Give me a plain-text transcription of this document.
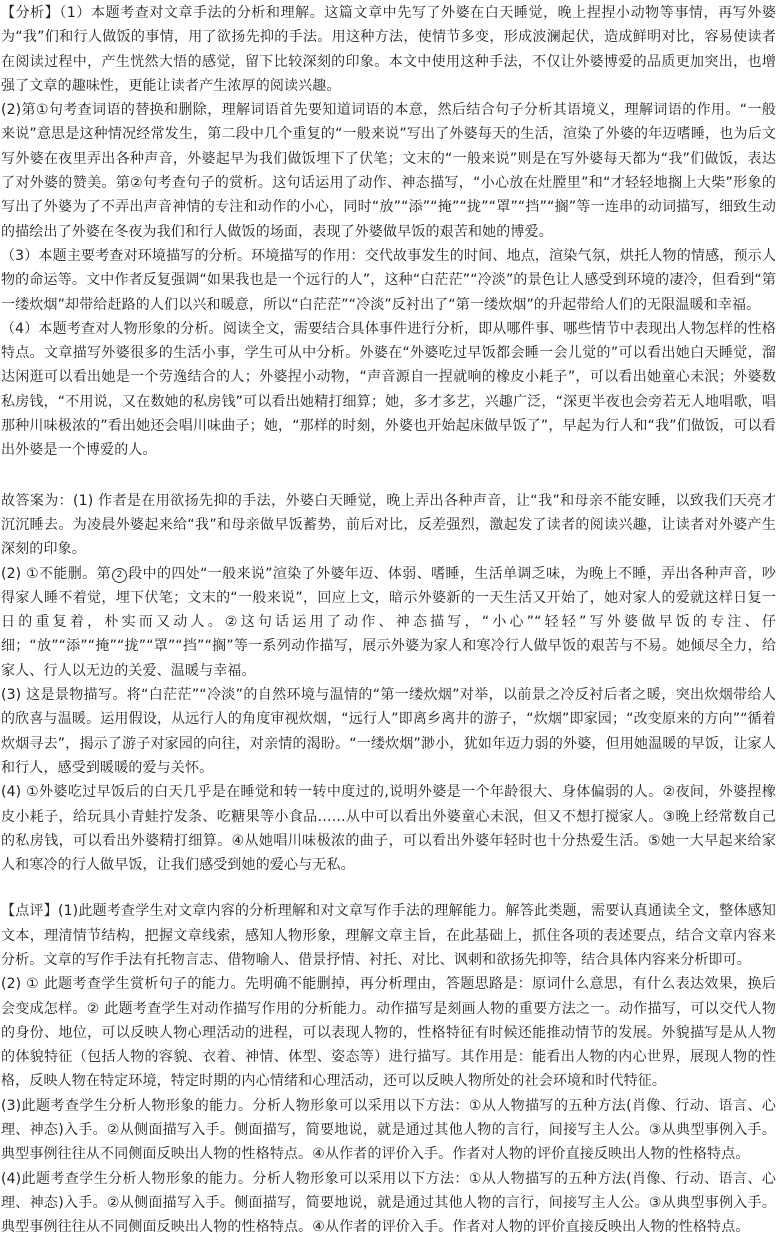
【分析】（1）本题考查对文章手法的分析和理解。这篇文章中先写了外婆在白天睡觉，晚上捏捏小动物等事情，再写外婆为“我”们和行人做饭的事情，用了欲扬先抑的手法。用这种方法，使情节多变，形成波澜起伏，造成鲜明对比，容易使读者在阅读过程中，产生恍然大悟的感觉，留下比较深刻的印象。本文中使用这种手法，不仅让外婆博爱的品质更加突出，也增强了文章的趣味性，更能让读者产生浓厚的阅读兴趣。

(2)第①句考查词语的替换和删除，理解词语首先要知道词语的本意，然后结合句子分析其语境义，理解词语的作用。“一般来说”意思是这种情况经常发生，第二段中几个重复的“一般来说”写出了外婆每天的生活，渲染了外婆的年迈嗜睡，也为后文写外婆在夜里弄出各种声音，外婆起早为我们做饭埋下了伏笔；文末的“一般来说”则是在写外婆每天都为“我”们做饭，表达了对外婆的赞美。第②句考查句子的赏析。这句话运用了动作、神态描写，“小心放在灶膛里”和“才轻轻地搁上大柴”形象的写出了外婆为了不弄出声音神情的专注和动作的小心，同时“放”“添”“掩”“拢”“罩”“挡”“搁”等一连串的动词描写，细致生动的描绘出了外婆在冬夜为我们和行人做饭的场面，表现了外婆做早饭的艰苦和她的博爱。

（3）本题主要考查对环境描写的分析。环境描写的作用：交代故事发生的时间、地点，渲染气氛，烘托人物的情感，预示人物的命运等。文中作者反复强调“如果我也是一个远行的人”，这种“白茫茫”“冷淡”的景色让人感受到环境的凄冷，但看到“第一缕炊烟”却带给赶路的人们以兴和暖意，所以“白茫茫”“冷淡”反衬出了“第一缕炊烟”的升起带给人们的无限温暖和幸福。

（4）本题考查对人物形象的分析。阅读全文，需要结合具体事件进行分析，即从哪件事、哪些情节中表现出人物怎样的性格特点。文章描写外婆很多的生活小事，学生可从中分析。外婆在“外婆吃过早饭都会睡一会儿觉的”可以看出她白天睡觉，溜达闲逛可以看出她是一个劳逸结合的人；外婆捏小动物，“声音源自一捏就响的橡皮小耗子”，可以看出她童心未泯；外婆数私房钱，“不用说，又在数她的私房钱”可以看出她精打细算；她，多才多艺，兴趣广泛，“深更半夜也会旁若无人地唱歌，唱那种川味极浓的”看出她还会唱川味曲子；她，“那样的时刻，外婆也开始起床做早饭了”，早起为行人和“我”们做饭，可以看出外婆是一个博爱的人。

故答案为：(1) 作者是在用欲扬先抑的手法，外婆白天睡觉，晚上弄出各种声音，让“我”和母亲不能安睡，以致我们天亮才沉沉睡去。为凌晨外婆起来给“我”和母亲做早饭蓄势，前后对比，反差强烈，激起发了读者的阅读兴趣，让读者对外婆产生深刻的印象。

(2) ①不能删。第 2 段中的四处“一般来说”渲染了外婆年迈、体弱、嗜睡，生活单调乏味，为晚上不睡，弄出各种声音，吵得家人睡不着觉，埋下伏笔；文末的“一般来说”，回应上文，暗示外婆新的一天生活又开始了，她对家人的爱就这样日复一日的重复着，朴实而又动人。②这句话运用了动作、神态描写，“小心”“轻轻”写外婆做早饭的专注、仔细；“放”“添”“掩”“拢”“罩”“挡”“搁”等一系列动作描写，展示外婆为家人和寒冷行人做早饭的艰苦与不易。她倾尽全力，给家人、行人以无边的关爱、温暖与幸福。

(3) 这是景物描写。将“白茫茫”“冷淡”的自然环境与温情的“第一缕炊烟”对举，以前景之冷反衬后者之暖，突出炊烟带给人的欣喜与温暖。运用假设，从远行人的角度审视炊烟，“远行人”即离乡离井的游子，“炊烟”即家园；“改变原来的方向”“循着炊烟寻去”，揭示了游子对家园的向往，对亲情的渴盼。“一缕炊烟”渺小，犹如年迈力弱的外婆，但用她温暖的早饭，让家人和行人，感受到暖暖的爱与关怀。

(4) ①外婆吃过早饭后的白天几乎是在睡觉和转一转中度过的,说明外婆是一个年龄很大、身体偏弱的人。②夜间，外婆捏橡皮小耗子，给玩具小青蛙拧发条、吃糖果等小食品……从中可以看出外婆童心未泯，但又不想打搅家人。③晚上经常数自己的私房钱，可以看出外婆精打细算。④从她唱川味极浓的曲子，可以看出外婆年轻时也十分热爱生活。⑤她一大早起来给家人和寒冷的行人做早饭，让我们感受到她的爱心与无私。

【点评】(1)此题考查学生对文章内容的分析理解和对文章写作手法的理解能力。解答此类题，需要认真通读全文，整体感知文本，理清情节结构，把握文章线索，感知人物形象，理解文章主旨，在此基础上，抓住各项的表述要点，结合文章内容来分析。文章的写作手法有托物言志、借物喻人、借景抒情、衬托、对比、讽刺和欲扬先抑等，结合具体内容来分析即可。

(2) ① 此题考查学生赏析句子的能力。先明确不能删掉，再分析理由，答题思路是：原词什么意思，有什么表达效果，换后会变成怎样。② 此题考查学生对动作描写作用的分析能力。动作描写是刻画人物的重要方法之一。动作描写，可以交代人物的身份、地位，可以反映人物心理活动的进程，可以表现人物的，性格特征有时候还能推动情节的发展。外貌描写是从人物的体貌特征（包括人物的容貌、衣着、神情、体型、姿态等）进行描写。其作用是：能看出人物的内心世界，展现人物的性格，反映人物在特定环境，特定时期的内心情绪和心理活动，还可以反映人物所处的社会环境和时代特征。

(3)此题考查学生分析人物形象的能力。分析人物形象可以采用以下方法：①从人物描写的五种方法(肖像、行动、语言、心理、神态)入手。②从侧面描写入手。侧面描写，简要地说，就是通过其他人物的言行，间接写主人公。③从典型事例入手。典型事例往往从不同侧面反映出人物的性格特点。④从作者的评价入手。作者对人物的评价直接反映出人物的性格特点。

(4)此题考查学生分析人物形象的能力。分析人物形象可以采用以下方法：①从人物描写的五种方法(肖像、行动、语言、心理、神态)入手。②从侧面描写入手。侧面描写，简要地说，就是通过其他人物的言行，间接写主人公。③从典型事例入手。典型事例往往从不同侧面反映出人物的性格特点。④从作者的评价入手。作者对人物的评价直接反映出人物的性格特点。
